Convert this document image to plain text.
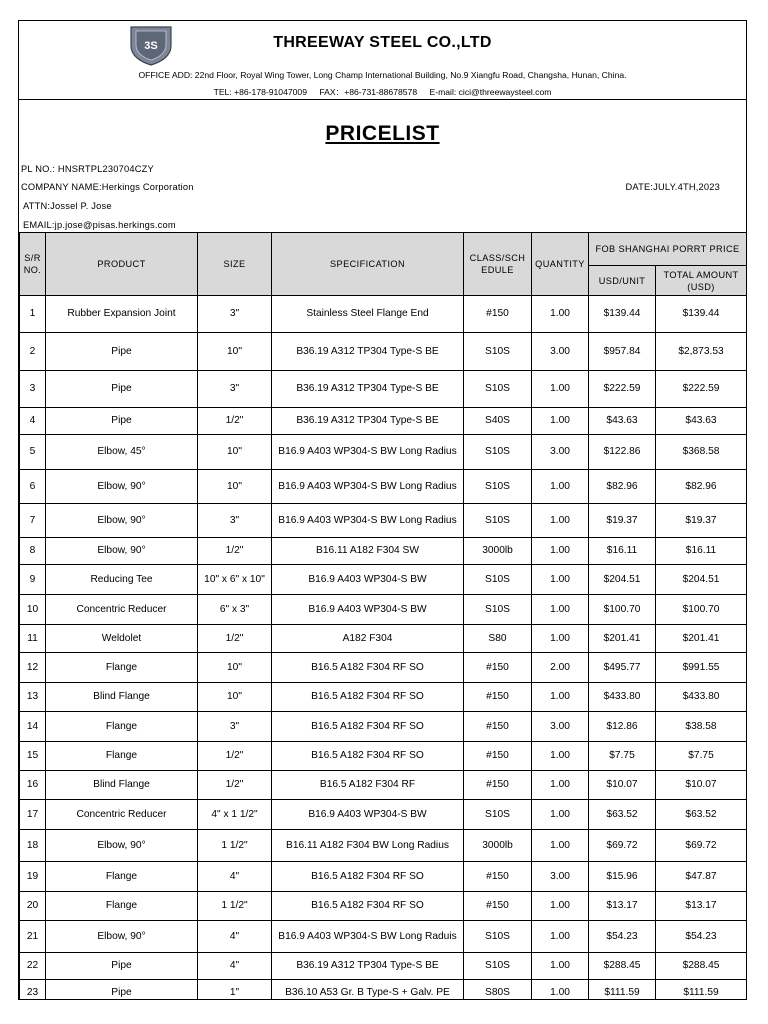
3S	THREEWAY STEEL CO.,LTD
OFFICE ADD: 22nd Floor, Royal Wing Tower, Long Champ International Building, No.9 Xiangfu Road, Changsha, Hunan, China.
TEL: +86-178-91047009 FAX：+86-731-88678578 E-mail: cici@threewaysteel.com
PRICELIST
PL NO.: HNSRTPL230704CZY
COMPANY NAME:Herkings Corporation	DATE:JULY.4TH,2023
ATTN:Jossel P. Jose
EMAIL:jp.jose@pisas.herkings.com
S/R NO.	PRODUCT	SIZE	SPECIFICATION	CLASS/SCH EDULE	QUANTITY	FOB SHANGHAI PORRT PRICE	
						USD/UNIT	TOTAL AMOUNT (USD)
1	Rubber Expansion Joint	3"	Stainless Steel Flange End	#150	1.00	$139.44	$139.44
2	Pipe	10"	B36.19 A312 TP304 Type-S BE	S10S	3.00	$957.84	$2,873.53
3	Pipe	3"	B36.19 A312 TP304 Type-S BE	S10S	1.00	$222.59	$222.59
4	Pipe	1/2"	B36.19 A312 TP304 Type-S BE	S40S	1.00	$43.63	$43.63
5	Elbow, 45°	10"	B16.9 A403 WP304-S BW Long Radius	S10S	3.00	$122.86	$368.58
6	Elbow, 90°	10"	B16.9 A403 WP304-S BW Long Radius	S10S	1.00	$82.96	$82.96
7	Elbow, 90°	3"	B16.9 A403 WP304-S BW Long Radius	S10S	1.00	$19.37	$19.37
8	Elbow, 90°	1/2"	B16.11 A182 F304 SW	3000lb	1.00	$16.11	$16.11
9	Reducing Tee	10" x 6" x 10"	B16.9 A403 WP304-S BW	S10S	1.00	$204.51	$204.51
10	Concentric Reducer	6" x 3"	B16.9 A403 WP304-S BW	S10S	1.00	$100.70	$100.70
11	Weldolet	1/2"	A182 F304	S80	1.00	$201.41	$201.41
12	Flange	10"	B16.5 A182 F304 RF SO	#150	2.00	$495.77	$991.55
13	Blind Flange	10"	B16.5 A182 F304 RF SO	#150	1.00	$433.80	$433.80
14	Flange	3"	B16.5 A182 F304 RF SO	#150	3.00	$12.86	$38.58
15	Flange	1/2"	B16.5 A182 F304 RF SO	#150	1.00	$7.75	$7.75
16	Blind Flange	1/2"	B16.5 A182 F304 RF	#150	1.00	$10.07	$10.07
17	Concentric Reducer	4" x 1 1/2"	B16.9 A403 WP304-S BW	S10S	1.00	$63.52	$63.52
18	Elbow, 90°	1 1/2"	B16.11 A182 F304 BW Long Radius	3000lb	1.00	$69.72	$69.72
19	Flange	4"	B16.5 A182 F304 RF SO	#150	3.00	$15.96	$47.87
20	Flange	1 1/2"	B16.5 A182 F304 RF SO	#150	1.00	$13.17	$13.17
21	Elbow, 90°	4"	B16.9 A403 WP304-S BW Long Raduis	S10S	1.00	$54.23	$54.23
22	Pipe	4"	B36.19 A312 TP304 Type-S BE	S10S	1.00	$288.45	$288.45
23	Pipe	1"	B36.10 A53 Gr. B Type-S + Galv. PE	S80S	1.00	$111.59	$111.59
